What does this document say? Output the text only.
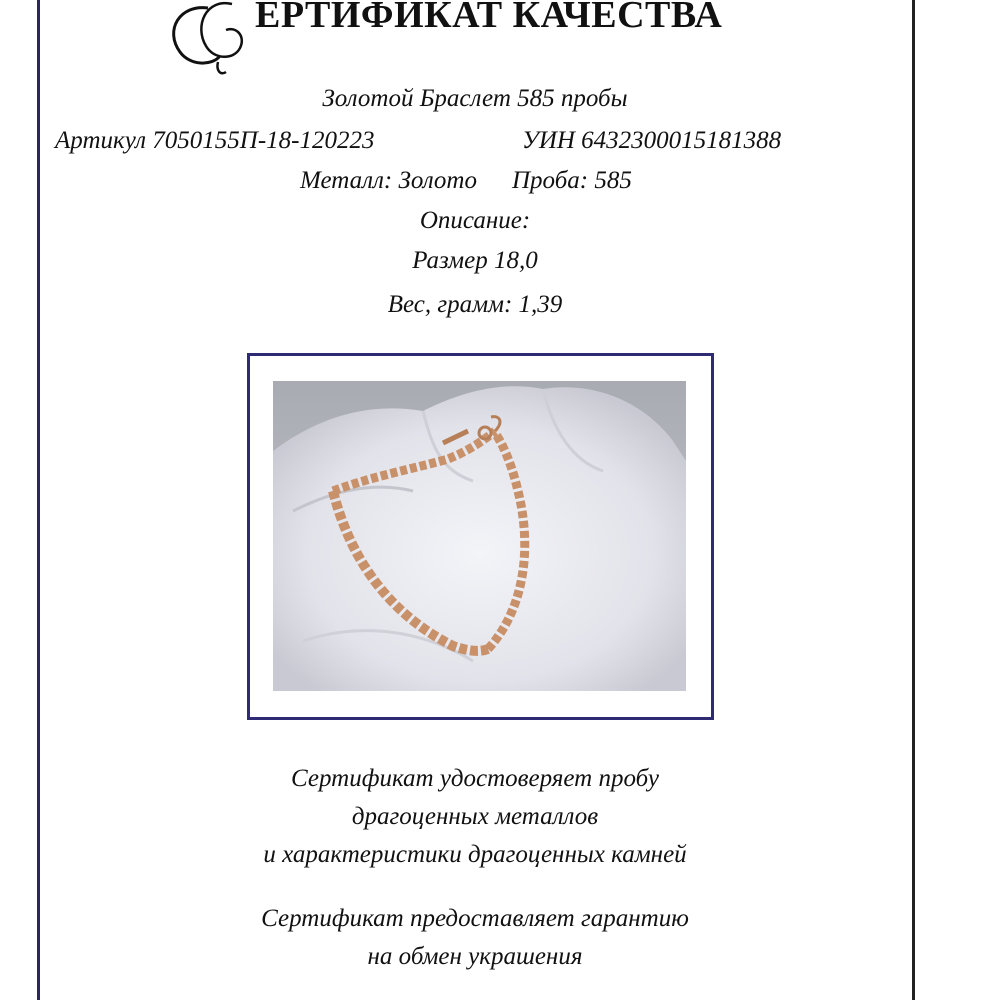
ЕРТИФИКАТ КАЧЕСТВА
Золотой Браслет 585 пробы
Артикул 7050155П-18-120223	УИН 6432300015181388
Металл: Золото Проба: 585
Описание:
Размер 18,0
Вес, грамм: 1,39
Сертификат удостоверяет пробу
драгоценных металлов
и характеристики драгоценных камней
Сертификат предоставляет гарантию
на обмен украшения
